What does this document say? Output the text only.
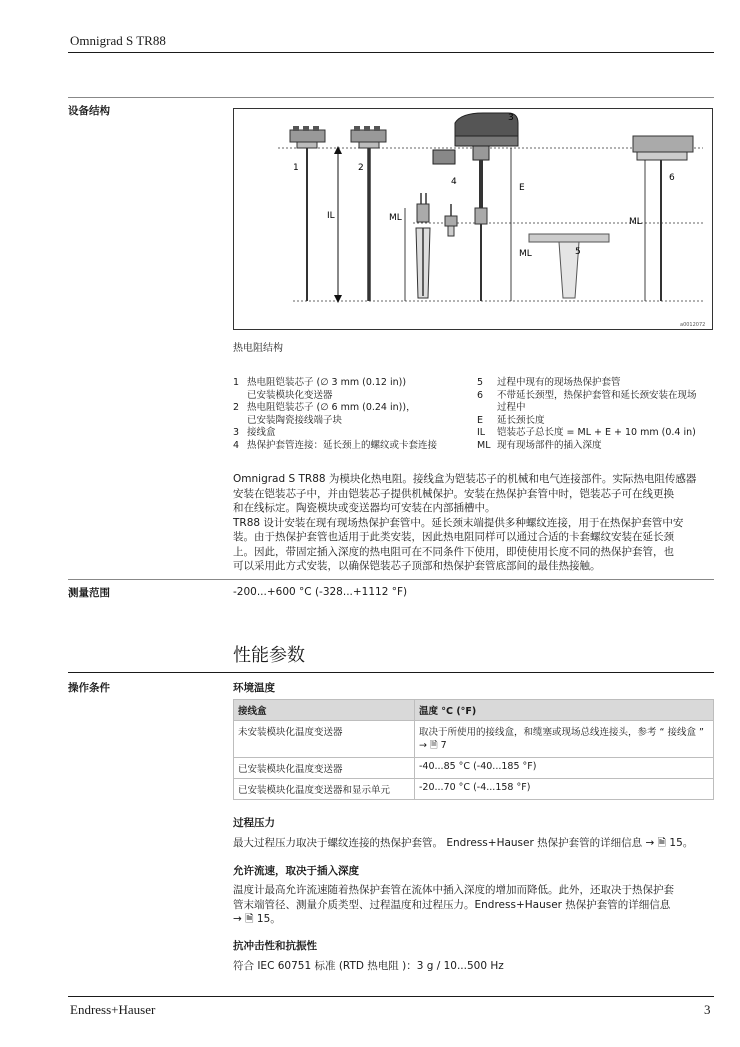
Omnigrad S TR88
设备结构
1	2
3
4
5
6
IL	ML
E
ML
ML
a0012072
热电阻结构
1 热电阻铠装芯子 (∅ 3 mm (0.12 in))
已安装模块化变送器
2 热电阻铠装芯子 (∅ 6 mm (0.24 in))，
已安装陶瓷接线端子块
3 接线盒
4 热保护套管连接：延长颈上的螺纹或卡套连接
5	过程中现有的现场热保护套管
6	不带延长颈型，热保护套管和延长颈安装在现场
过程中
E	延长颈长度
IL	铠装芯子总长度 = ML + E + 10 mm (0.4 in)
ML 现有现场部件的插入深度
Omnigrad S TR88 为模块化热电阻。接线盒为铠装芯子的机械和电气连接部件。实际热电阻传感器
安装在铠装芯子中，并由铠装芯子提供机械保护。安装在热保护套管中时，铠装芯子可在线更换
和在线标定。陶瓷模块或变送器均可安装在内部插槽中。
TR88 设计安装在现有现场热保护套管中。延长颈末端提供多种螺纹连接，用于在热保护套管中安
装。由于热保护套管也适用于此类安装，因此热电阻同样可以通过合适的卡套螺纹安装在延长颈
上。因此，带固定插入深度的热电阻可在不同条件下使用，即使使用长度不同的热保护套管，也
可以采用此方式安装，以确保铠装芯子顶部和热保护套管底部间的最佳热接触。
测量范围	-200...+600 °C (-328...+1112 °F)
性能参数
操作条件	环境温度
接线盒	温度 °C (°F)
未安装模块化温度变送器	取决于所使用的接线盒，和缆塞或现场总线连接头，参考 “ 接线盒 ”
→ 🗎 7

已安装模块化温度变送器	-40...85 °C (-40...185 °F)
已安装模块化温度变送器和显示单元	-20...70 °C (-4...158 °F)
过程压力
最大过程压力取决于螺纹连接的热保护套管。 Endress+Hauser 热保护套管的详细信息 → 🗎 15。
允许流速，取决于插入深度
温度计最高允许流速随着热保护套管在流体中插入深度的增加而降低。此外，还取决于热保护套
管末端管径、测量介质类型、过程温度和过程压力。Endress+Hauser 热保护套管的详细信息
→ 🗎 15。
抗冲击性和抗振性
符合 IEC 60751 标准 (RTD 热电阻 )：3 g / 10...500 Hz
Endress+Hauser	3
